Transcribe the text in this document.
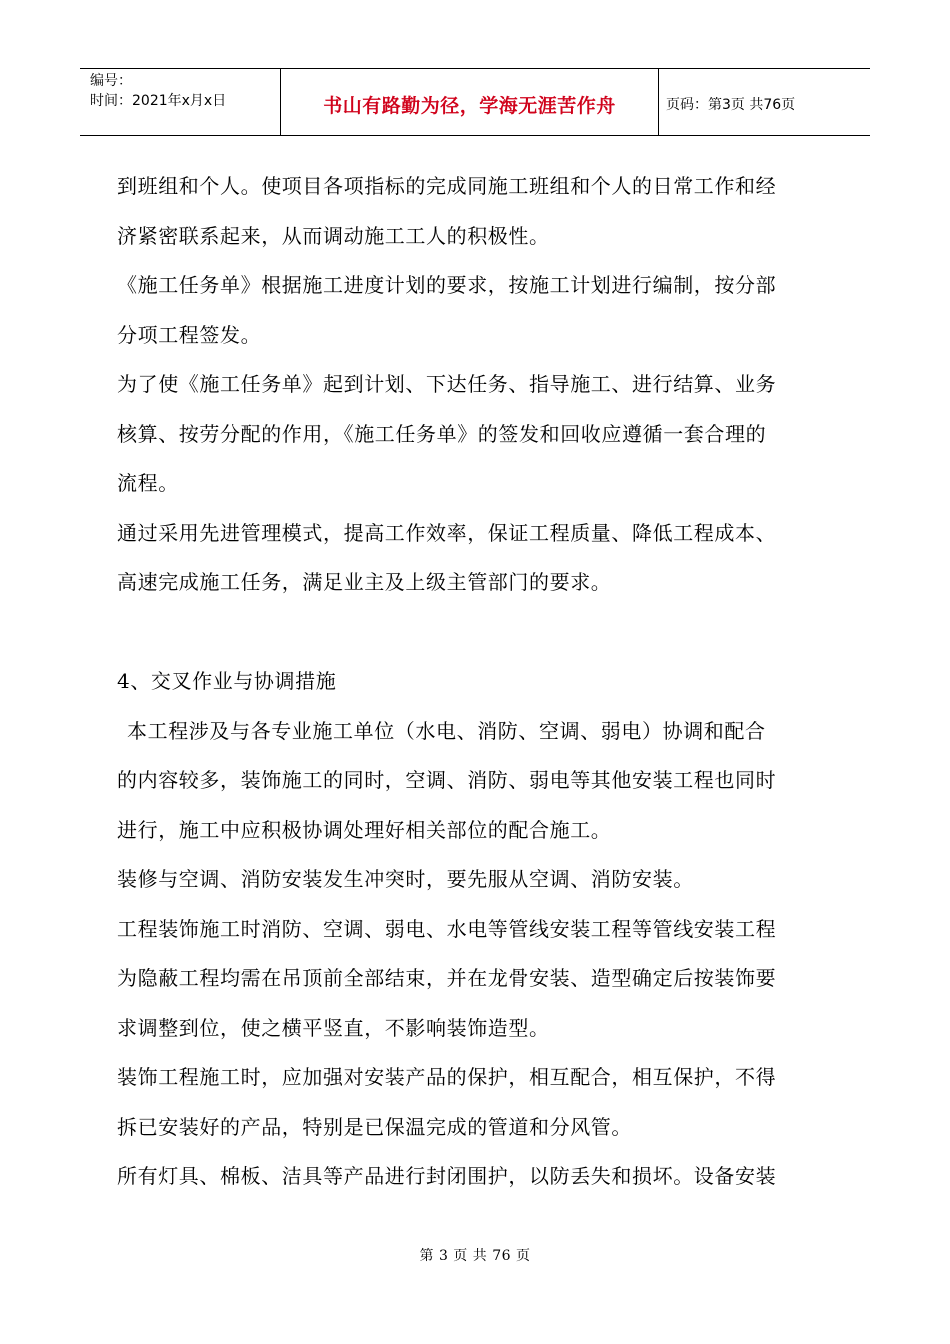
编号：
时间：2021年x月x日	书山有路勤为径，学海无涯苦作舟	页码：第3页 共76页

到班组和个人。使项目各项指标的完成同施工班组和个人的日常工作和经

济紧密联系起来，从而调动施工工人的积极性。

《施工任务单》根据施工进度计划的要求，按施工计划进行编制，按分部

分项工程签发。

为了使《施工任务单》起到计划、下达任务、指导施工、进行结算、业务

核算、按劳分配的作用，《施工任务单》的签发和回收应遵循一套合理的

流程。

通过采用先进管理模式，提高工作效率，保证工程质量、降低工程成本、

高速完成施工任务，满足业主及上级主管部门的要求。

4、交叉作业与协调措施

本工程涉及与各专业施工单位（水电、消防、空调、弱电）协调和配合

的内容较多，装饰施工的同时，空调、消防、弱电等其他安装工程也同时

进行，施工中应积极协调处理好相关部位的配合施工。

装修与空调、消防安装发生冲突时，要先服从空调、消防安装。

工程装饰施工时消防、空调、弱电、水电等管线安装工程等管线安装工程

为隐蔽工程均需在吊顶前全部结束，并在龙骨安装、造型确定后按装饰要

求调整到位，使之横平竖直，不影响装饰造型。

装饰工程施工时，应加强对安装产品的保护，相互配合，相互保护，不得

拆已安装好的产品，特别是已保温完成的管道和分风管。

所有灯具、棉板、洁具等产品进行封闭围护，以防丢失和损坏。设备安装

第 3 页 共 76 页
